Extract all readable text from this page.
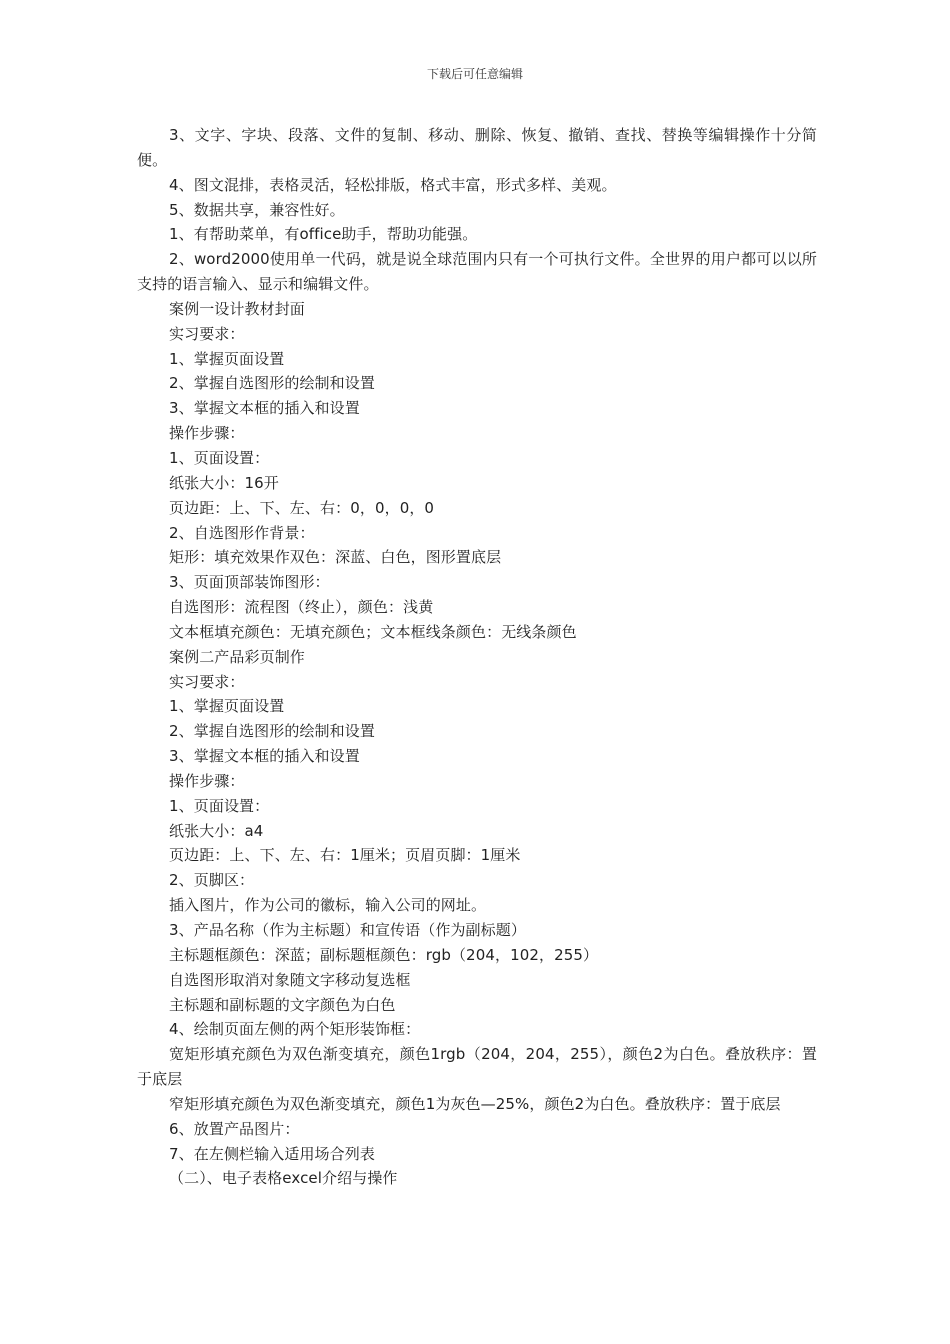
下载后可任意编辑

3、文字、字块、段落、文件的复制、移动、删除、恢复、撤销、查找、替换等编辑操作十分简便。

4、图文混排，表格灵活，轻松排版，格式丰富，形式多样、美观。

5、数据共享，兼容性好。

1、有帮助菜单，有office助手，帮助功能强。

2、word2000使用单一代码，就是说全球范围内只有一个可执行文件。全世界的用户都可以以所支持的语言输入、显示和编辑文件。

案例一设计教材封面

实习要求：

1、掌握页面设置

2、掌握自选图形的绘制和设置

3、掌握文本框的插入和设置

操作步骤：

1、页面设置：

纸张大小：16开

页边距：上、下、左、右：0，0，0，0

2、自选图形作背景：

矩形：填充效果作双色：深蓝、白色，图形置底层

3、页面顶部装饰图形：

自选图形：流程图（终止），颜色：浅黄

文本框填充颜色：无填充颜色；文本框线条颜色：无线条颜色

案例二产品彩页制作

实习要求：

1、掌握页面设置

2、掌握自选图形的绘制和设置

3、掌握文本框的插入和设置

操作步骤：

1、页面设置：

纸张大小：a4

页边距：上、下、左、右：1厘米；页眉页脚：1厘米

2、页脚区：

插入图片，作为公司的徽标，输入公司的网址。

3、产品名称（作为主标题）和宣传语（作为副标题）

主标题框颜色：深蓝；副标题框颜色：rgb（204，102，255）

自选图形取消对象随文字移动复选框

主标题和副标题的文字颜色为白色

4、绘制页面左侧的两个矩形装饰框：

宽矩形填充颜色为双色渐变填充，颜色1rgb（204，204，255），颜色2为白色。叠放秩序：置于底层

窄矩形填充颜色为双色渐变填充，颜色1为灰色—25%，颜色2为白色。叠放秩序：置于底层

6、放置产品图片：

7、在左侧栏输入适用场合列表

（二）、电子表格excel介绍与操作
